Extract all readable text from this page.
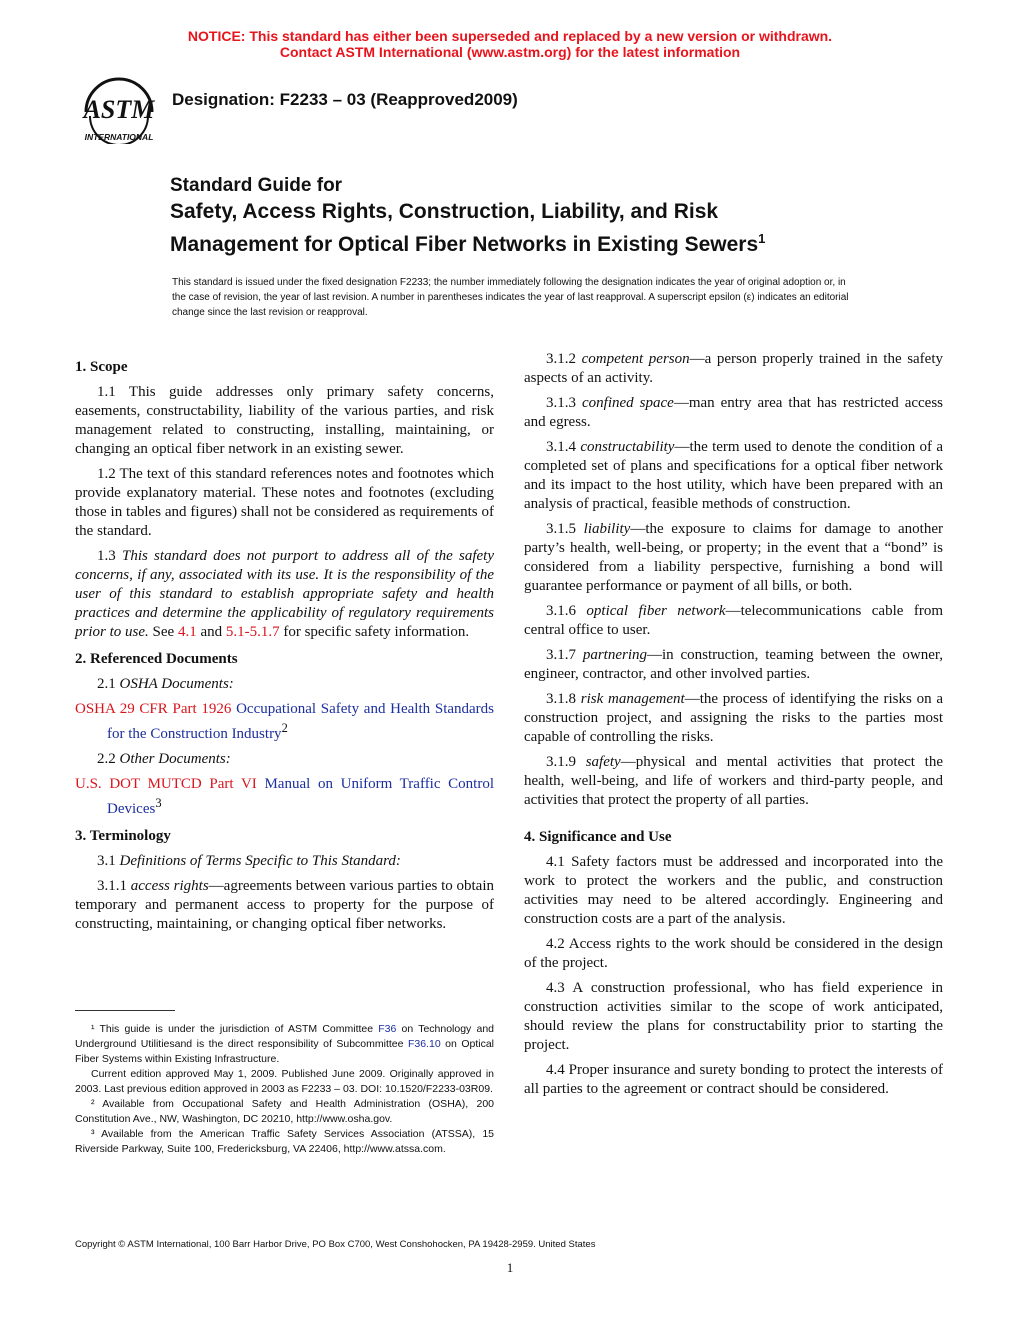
NOTICE: This standard has either been superseded and replaced by a new version or withdrawn.
Contact ASTM International (www.astm.org) for the latest information
ASTM
INTERNATIONAL
Designation: F2233 – 03 (Reapproved2009)

Standard Guide for

Safety, Access Rights, Construction, Liability, and Risk

Management for Optical Fiber Networks in Existing Sewers$^1$

This standard is issued under the fixed designation F2233; the number immediately following the designation indicates the year of original adoption or, in the case of revision, the year of last revision. A number in parentheses indicates the year of last reapproval. A superscript epsilon (ε) indicates an editorial change since the last revision or reapproval.
1. Scope

1.1 This guide addresses only primary safety concerns, easements, constructability, liability of the various parties, and risk management related to constructing, installing, maintaining, or changing an optical fiber network in an existing sewer.

1.2 The text of this standard references notes and footnotes which provide explanatory material. These notes and footnotes (excluding those in tables and figures) shall not be considered as requirements of the standard.

1.3 This standard does not purport to address all of the safety concerns, if any, associated with its use. It is the responsibility of the user of this standard to establish appropriate safety and health practices and determine the applicability of regulatory requirements prior to use. See 4.1 and 5.1-5.1.7 for specific safety information.

2. Referenced Documents

2.1 OSHA Documents:

OSHA 29 CFR Part 1926 Occupational Safety and Health Standards for the Construction Industry$^2$

2.2 Other Documents:

U.S. DOT MUTCD Part VI Manual on Uniform Traffic Control Devices$^3$

3. Terminology

3.1 Definitions of Terms Specific to This Standard:

3.1.1 access rights—agreements between various parties to obtain temporary and permanent access to property for the purpose of constructing, maintaining, or changing optical fiber networks.

3.1.2 competent person—a person properly trained in the safety aspects of an activity.

3.1.3 confined space—man entry area that has restricted access and egress.

3.1.4 constructability—the term used to denote the condition of a completed set of plans and specifications for a optical fiber network and its impact to the host utility, which have been prepared with an analysis of practical, feasible methods of construction.

3.1.5 liability—the exposure to claims for damage to another party’s health, well-being, or property; in the event that a “bond” is considered from a liability perspective, furnishing a bond will guarantee performance or payment of all bills, or both.

3.1.6 optical fiber network—telecommunications cable from central office to user.

3.1.7 partnering—in construction, teaming between the owner, engineer, contractor, and other involved parties.

3.1.8 risk management—the process of identifying the risks on a construction project, and assigning the risks to the parties most capable of controlling the risks.

3.1.9 safety—physical and mental activities that protect the health, well-being, and life of workers and third-party people, and activities that protect the property of all parties.

4. Significance and Use

4.1 Safety factors must be addressed and incorporated into the work to protect the workers and the public, and construction activities may need to be altered accordingly. Engineering and construction costs are a part of the analysis.

4.2 Access rights to the work should be considered in the design of the project.

4.3 A construction professional, who has field experience in construction activities similar to the scope of work anticipated, should review the plans for constructability prior to starting the project.

4.4 Proper insurance and surety bonding to protect the interests of all parties to the agreement or contract should be considered.

¹ This guide is under the jurisdiction of ASTM Committee F36 on Technology and Underground Utilitiesand is the direct responsibility of Subcommittee F36.10 on Optical Fiber Systems within Existing Infrastructure.

Current edition approved May 1, 2009. Published June 2009. Originally approved in 2003. Last previous edition approved in 2003 as F2233 – 03. DOI: 10.1520/F2233-03R09.

² Available from Occupational Safety and Health Administration (OSHA), 200 Constitution Ave., NW, Washington, DC 20210, http://www.osha.gov.

³ Available from the American Traffic Safety Services Association (ATSSA), 15 Riverside Parkway, Suite 100, Fredericksburg, VA 22406, http://www.atssa.com.

Copyright © ASTM International, 100 Barr Harbor Drive, PO Box C700, West Conshohocken, PA 19428-2959. United States
1
